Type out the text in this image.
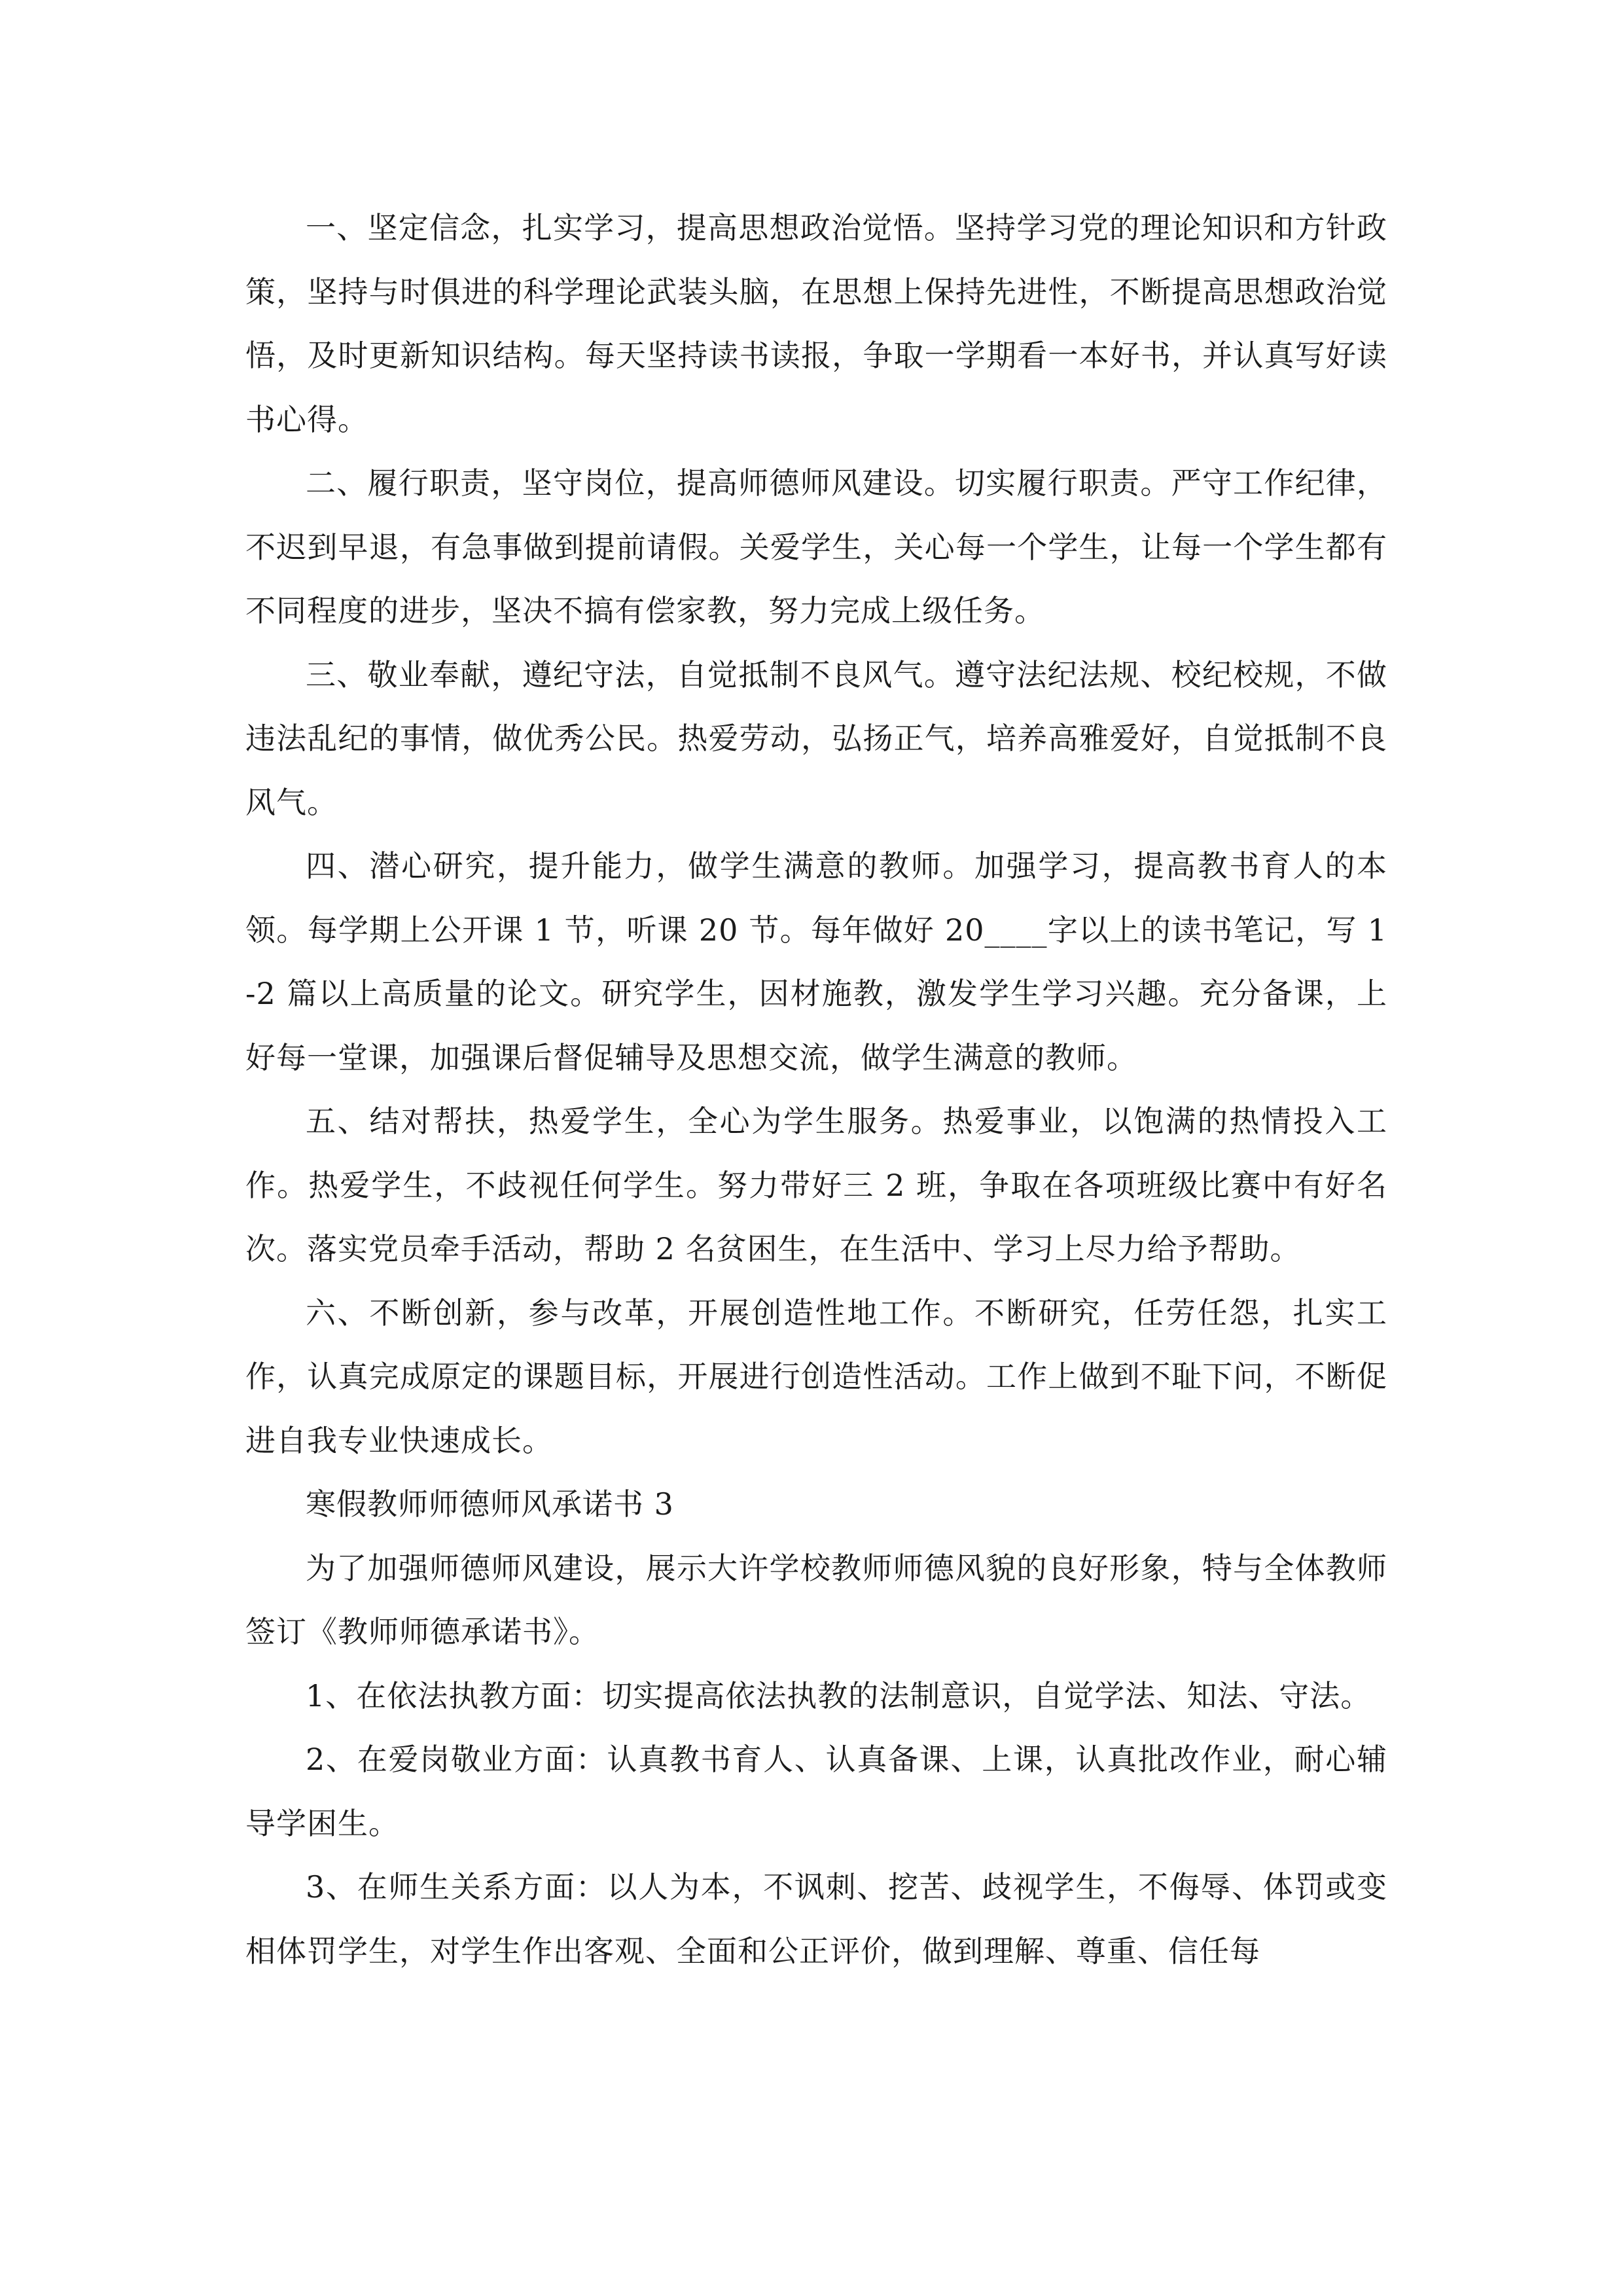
一、坚定信念，扎实学习，提高思想政治觉悟。坚持学习党的理论知识和方针政策，坚持与时俱进的科学理论武装头脑，在思想上保持先进性，不断提高思想政治觉悟，及时更新知识结构。每天坚持读书读报，争取一学期看一本好书，并认真写好读书心得。

二、履行职责，坚守岗位，提高师德师风建设。切实履行职责。严守工作纪律，不迟到早退，有急事做到提前请假。关爱学生，关心每一个学生，让每一个学生都有不同程度的进步，坚决不搞有偿家教，努力完成上级任务。

三、敬业奉献，遵纪守法，自觉抵制不良风气。遵守法纪法规、校纪校规，不做违法乱纪的事情，做优秀公民。热爱劳动，弘扬正气，培养高雅爱好，自觉抵制不良风气。

四、潜心研究，提升能力，做学生满意的教师。加强学习，提高教书育人的本领。每学期上公开课 1 节，听课 20 节。每年做好 20____字以上的读书笔记，写 1-2 篇以上高质量的论文。研究学生，因材施教，激发学生学习兴趣。充分备课，上好每一堂课，加强课后督促辅导及思想交流，做学生满意的教师。

五、结对帮扶，热爱学生，全心为学生服务。热爱事业，以饱满的热情投入工作。热爱学生，不歧视任何学生。努力带好三 2 班，争取在各项班级比赛中有好名次。落实党员牵手活动，帮助 2 名贫困生，在生活中、学习上尽力给予帮助。

六、不断创新，参与改革，开展创造性地工作。不断研究，任劳任怨，扎实工作，认真完成原定的课题目标，开展进行创造性活动。工作上做到不耻下问，不断促进自我专业快速成长。

寒假教师师德师风承诺书 3

为了加强师德师风建设，展示大许学校教师师德风貌的良好形象，特与全体教师签订《教师师德承诺书》。

1、在依法执教方面：切实提高依法执教的法制意识，自觉学法、知法、守法。

2、在爱岗敬业方面：认真教书育人、认真备课、上课，认真批改作业，耐心辅导学困生。

3、在师生关系方面：以人为本，不讽刺、挖苦、歧视学生，不侮辱、体罚或变相体罚学生，对学生作出客观、全面和公正评价，做到理解、尊重、信任每
